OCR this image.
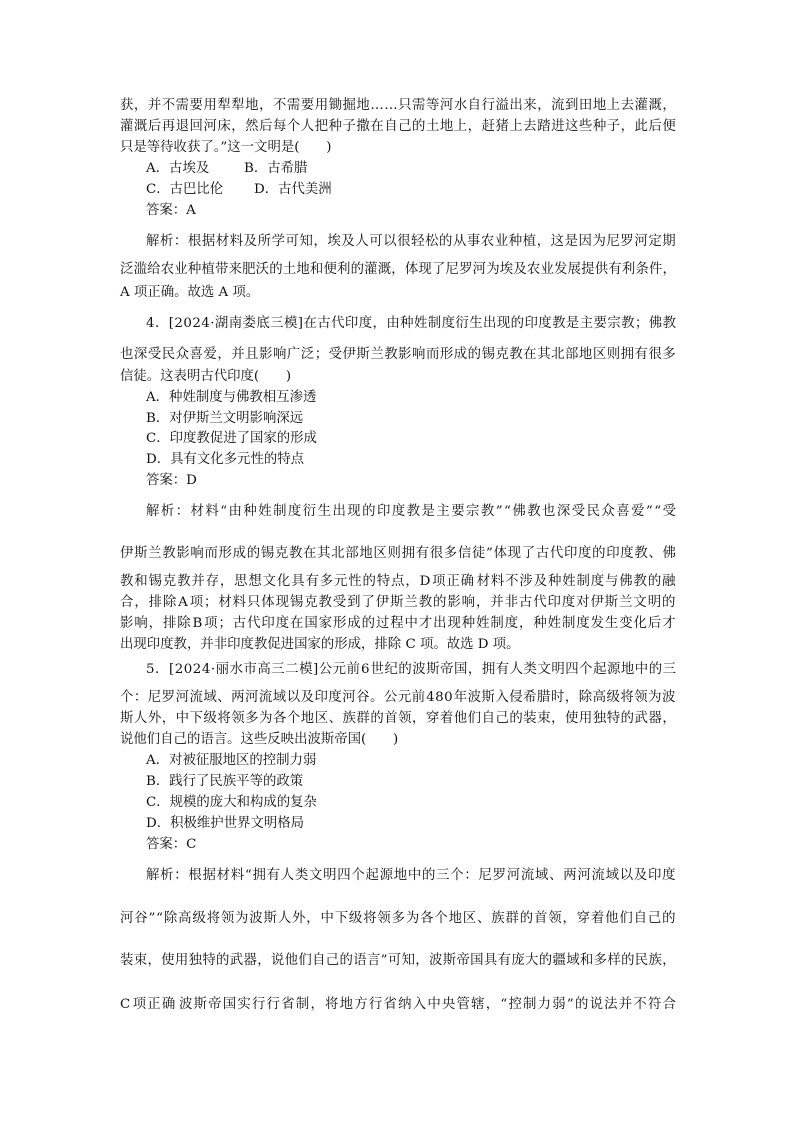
获 ， 并 不 需 要 用 犁 犁 地 ， 不 需 要 用 锄 掘 地 … … 只 需 等 河 水 自 行 溢 出 来 ， 流 到 田 地 上 去 灌 溉 ，
灌 溉 后 再 退 回 河 床 ， 然 后 每 个 人 把 种 子 撒 在 自 己 的 土 地 上 ， 赶 猪 上 去 踏 进 这 些 种 子 ， 此 后 便
只是等待收获了。”这一文明是(　　)
A．古埃及	B．古希腊
C．古巴比伦 D．古代美洲
答案：A
解 析 ： 根 据 材 料 及 所 学 可 知 ， 埃 及 人 可 以 很 轻 松 的 从 事 农 业 种 植 ， 这 是 因 为 尼 罗 河 定 期
泛 滥 给 农 业 种 植 带 来 肥 沃 的 土 地 和 便 利 的 灌 溉 ， 体 现 了 尼 罗 河 为 埃 及 农 业 发 展 提 供 有 利 条 件 ，
A 项正确。故选 A 项。
4 ． [ 2 0 2 4 · 湖 南 娄 底 三 模 ] 在 古 代 印 度 ， 由 种 姓 制 度 衍 生 出 现 的 印 度 教 是 主 要 宗 教 ； 佛 教
也 深 受 民 众 喜 爱 ， 并 且 影 响 广 泛 ； 受 伊 斯 兰 教 影 响 而 形 成 的 锡 克 教 在 其 北 部 地 区 则 拥 有 很 多
信徒。这表明古代印度(　　)
A．种姓制度与佛教相互渗透
B．对伊斯兰文明影响深远
C．印度教促进了国家的形成
D．具有文化多元性的特点
答案：D
解 析 ： 材 料 “ 由 种 姓 制 度 衍 生 出 现 的 印 度 教 是 主 要 宗 教 ” “ 佛 教 也 深 受 民 众 喜 爱 ” “ 受
伊 斯 兰 教 影 响 而 形 成 的 锡 克 教 在 其 北 部 地 区 则 拥 有 很 多 信 徒 ” 体 现 了 古 代 印 度 的 印 度 教 、 佛
教 和 锡 克 教 并 存 ， 思 想 文 化 具 有 多 元 性 的 特 点 ， D 项 正 确 材 料 不 涉 及 种 姓 制 度 与 佛 教 的 融
合 ， 排 除 A 项 ； 材 料 只 体 现 锡 克 教 受 到 了 伊 斯 兰 教 的 影 响 ， 并 非 古 代 印 度 对 伊 斯 兰 文 明 的
影 响 ， 排 除 B 项 ； 古 代 印 度 在 国 家 形 成 的 过 程 中 才 出 现 种 姓 制 度 ， 种 姓 制 度 发 生 变 化 后 才
出现印度教，并非印度教促进国家的形成，排除 C 项。故选 D 项。
5 ． [ 2 0 2 4 · 丽 水 市 高 三 二 模 ] 公 元 前 6 世 纪 的 波 斯 帝 国 ， 拥 有 人 类 文 明 四 个 起 源 地 中 的 三
个 ： 尼 罗 河 流 域 、 两 河 流 域 以 及 印 度 河 谷 。 公 元 前 4 8 0 年 波 斯 入 侵 希 腊 时 ， 除 高 级 将 领 为 波
斯 人 外 ， 中 下 级 将 领 多 为 各 个 地 区 、 族 群 的 首 领 ， 穿 着 他 们 自 己 的 装 束 ， 使 用 独 特 的 武 器 ，
说他们自己的语言。这些反映出波斯帝国(　　)
A．对被征服地区的控制力弱
B．践行了民族平等的政策
C．规模的庞大和构成的复杂
D．积极维护世界文明格局
答案：C
解 析 ： 根 据 材 料 “ 拥 有 人 类 文 明 四 个 起 源 地 中 的 三 个 ： 尼 罗 河 流 域 、 两 河 流 域 以 及 印 度
河 谷 ” “ 除 高 级 将 领 为 波 斯 人 外 ， 中 下 级 将 领 多 为 各 个 地 区 、 族 群 的 首 领 ， 穿 着 他 们 自 己 的
装 束 ， 使 用 独 特 的 武 器 ， 说 他 们 自 己 的 语 言 ” 可 知 ， 波 斯 帝 国 具 有 庞 大 的 疆 域 和 多 样 的 民 族 ，
C 项 正 确 波 斯 帝 国 实 行 行 省 制 ， 将 地 方 行 省 纳 入 中 央 管 辖 ， “ 控 制 力 弱 ” 的 说 法 并 不 符 合
